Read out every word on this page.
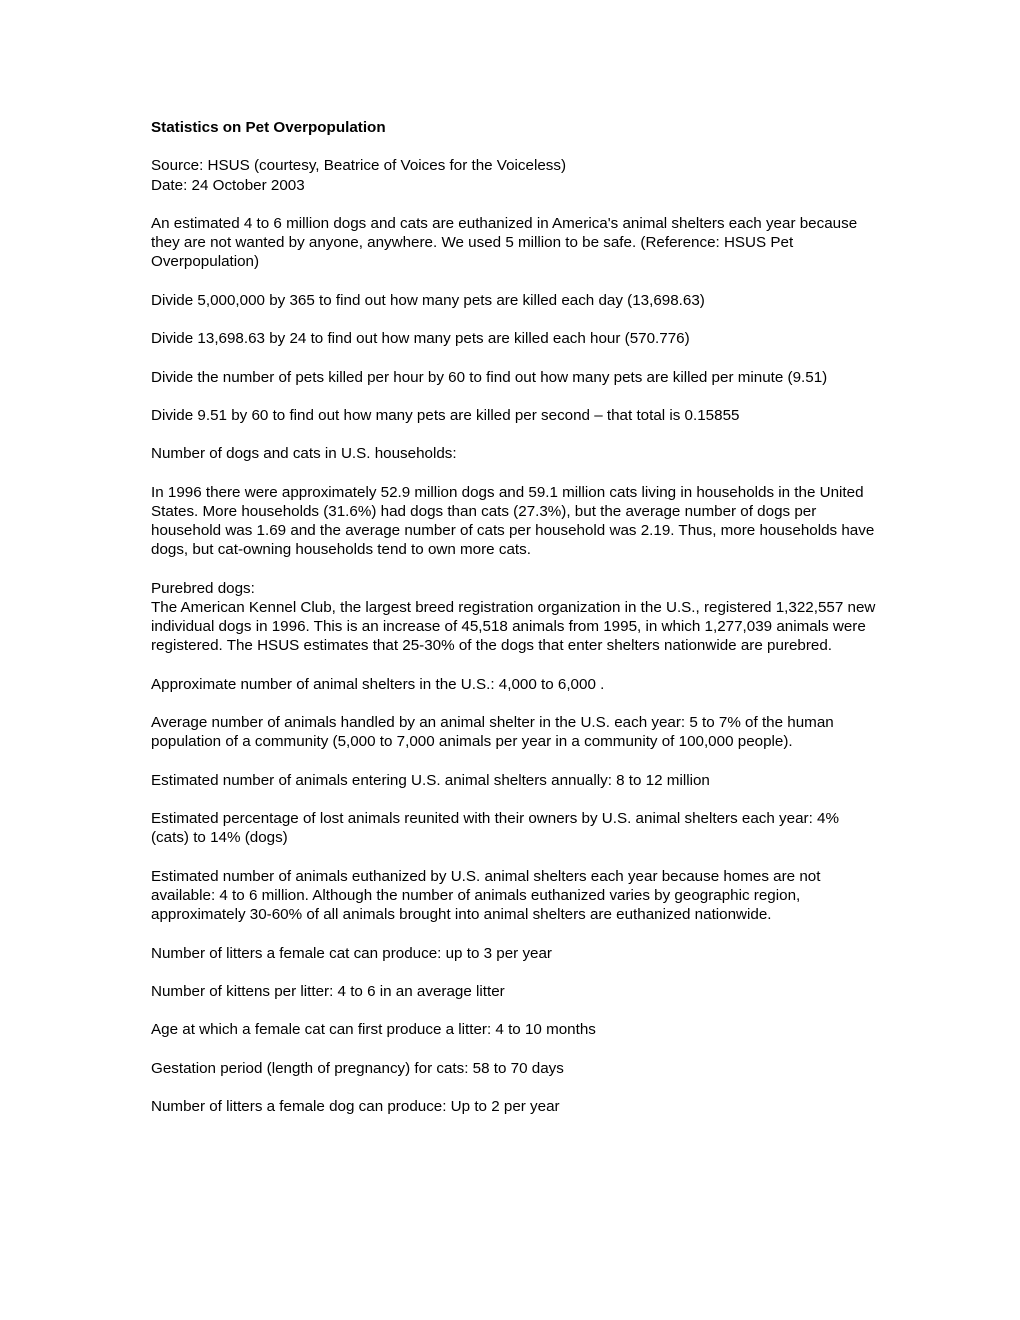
Statistics on Pet Overpopulation

Source: HSUS (courtesy, Beatrice of Voices for the Voiceless)
Date: 24 October 2003

An estimated 4 to 6 million dogs and cats are euthanized in America's animal shelters each year because they are not wanted by anyone, anywhere. We used 5 million to be safe. (Reference: HSUS Pet Overpopulation)

Divide 5,000,000 by 365 to find out how many pets are killed each day (13,698.63)

Divide 13,698.63 by 24 to find out how many pets are killed each hour (570.776)

Divide the number of pets killed per hour by 60 to find out how many pets are killed per minute (9.51)

Divide 9.51 by 60 to find out how many pets are killed per second – that total is 0.15855

Number of dogs and cats in U.S. households:

In 1996 there were approximately 52.9 million dogs and 59.1 million cats living in households in the United States. More households (31.6%) had dogs than cats (27.3%), but the average number of dogs per household was 1.69 and the average number of cats per household was 2.19. Thus, more households have dogs, but cat-owning households tend to own more cats.

Purebred dogs:
The American Kennel Club, the largest breed registration organization in the U.S., registered 1,322,557 new individual dogs in 1996. This is an increase of 45,518 animals from 1995, in which 1,277,039 animals were registered. The HSUS estimates that 25-30% of the dogs that enter shelters nationwide are purebred.

Approximate number of animal shelters in the U.S.: 4,000 to 6,000 .

Average number of animals handled by an animal shelter in the U.S. each year: 5 to 7% of the human population of a community (5,000 to 7,000 animals per year in a community of 100,000 people).

Estimated number of animals entering U.S. animal shelters annually: 8 to 12 million

Estimated percentage of lost animals reunited with their owners by U.S. animal shelters each year: 4% (cats) to 14% (dogs)

Estimated number of animals euthanized by U.S. animal shelters each year because homes are not available: 4 to 6 million. Although the number of animals euthanized varies by geographic region, approximately 30-60% of all animals brought into animal shelters are euthanized nationwide.

Number of litters a female cat can produce: up to 3 per year

Number of kittens per litter: 4 to 6 in an average litter

Age at which a female cat can first produce a litter: 4 to 10 months

Gestation period (length of pregnancy) for cats: 58 to 70 days

Number of litters a female dog can produce: Up to 2 per year
